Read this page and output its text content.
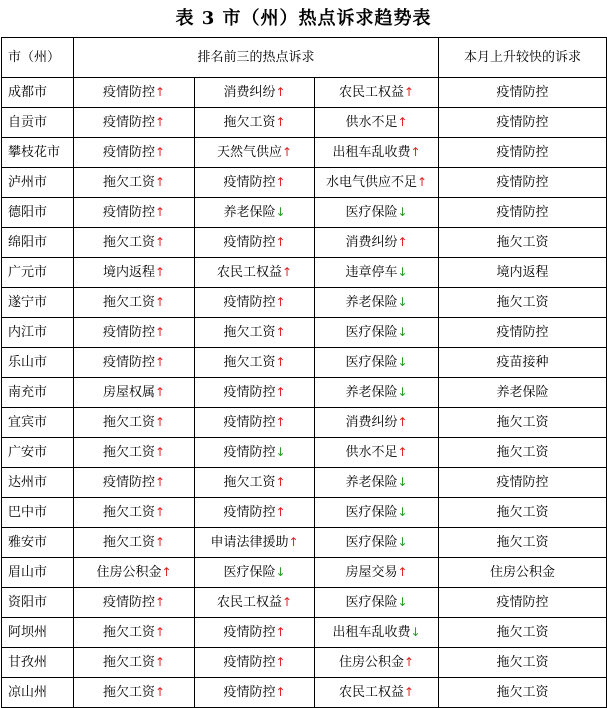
表 3 市（州）热点诉求趋势表
市（州）	排名前三的热点诉求			本月上升较快的诉求
成都市	疫情防控↑	消费纠纷↑	农民工权益↑	疫情防控
自贡市	疫情防控↑	拖欠工资↑	供水不足↑	疫情防控
攀枝花市	疫情防控↑	天然气供应↑	出租车乱收费↑	疫情防控
泸州市	拖欠工资↑	疫情防控↑	水电气供应不足↑	疫情防控
德阳市	疫情防控↑	养老保险↓	医疗保险↓	疫情防控
绵阳市	拖欠工资↑	疫情防控↑	消费纠纷↑	拖欠工资
广元市	境内返程↑	农民工权益↑	违章停车↓	境内返程
遂宁市	拖欠工资↑	疫情防控↑	养老保险↓	拖欠工资
内江市	疫情防控↑	拖欠工资↑	医疗保险↓	疫情防控
乐山市	疫情防控↑	拖欠工资↑	医疗保险↓	疫苗接种
南充市	房屋权属↑	疫情防控↑	养老保险↓	养老保险
宜宾市	拖欠工资↑	疫情防控↑	消费纠纷↑	拖欠工资
广安市	拖欠工资↑	疫情防控↓	供水不足↑	拖欠工资
达州市	疫情防控↑	拖欠工资↑	养老保险↓	疫情防控
巴中市	拖欠工资↑	疫情防控↑	医疗保险↓	拖欠工资
雅安市	拖欠工资↑	申请法律援助↑	医疗保险↓	拖欠工资
眉山市	住房公积金↑	医疗保险↓	房屋交易↑	住房公积金
资阳市	疫情防控↑	农民工权益↑	医疗保险↓	疫情防控
阿坝州	拖欠工资↑	疫情防控↑	出租车乱收费↓	拖欠工资
甘孜州	拖欠工资↑	疫情防控↑	住房公积金↑	拖欠工资
凉山州	拖欠工资↑	疫情防控↑	农民工权益↑	拖欠工资
